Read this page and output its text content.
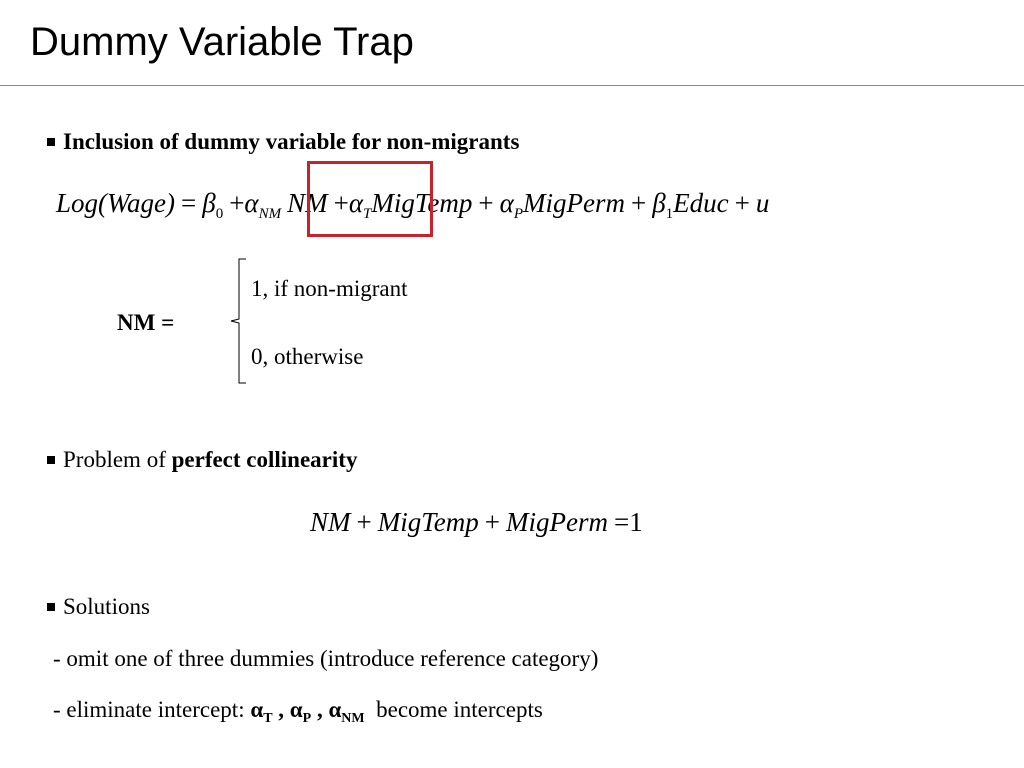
Dummy Variable Trap
Inclusion of dummy variable for non-migrants
Log(Wage) = $\beta_0 +\alpha_{NM}$ NM $+\alpha_TMigTemp$ + $\alpha_PMigPerm$ + $\beta_1Educ + u$
NM =
1, if non-migrant
0, otherwise
Problem of perfect collinearity
NM + MigTemp + MigPerm =1
Solutions
- omit one of three dummies (introduce reference category)
- eliminate intercept: $\alpha_T$ , $\alpha_P$ , $\alpha_{NM}$ become intercepts
